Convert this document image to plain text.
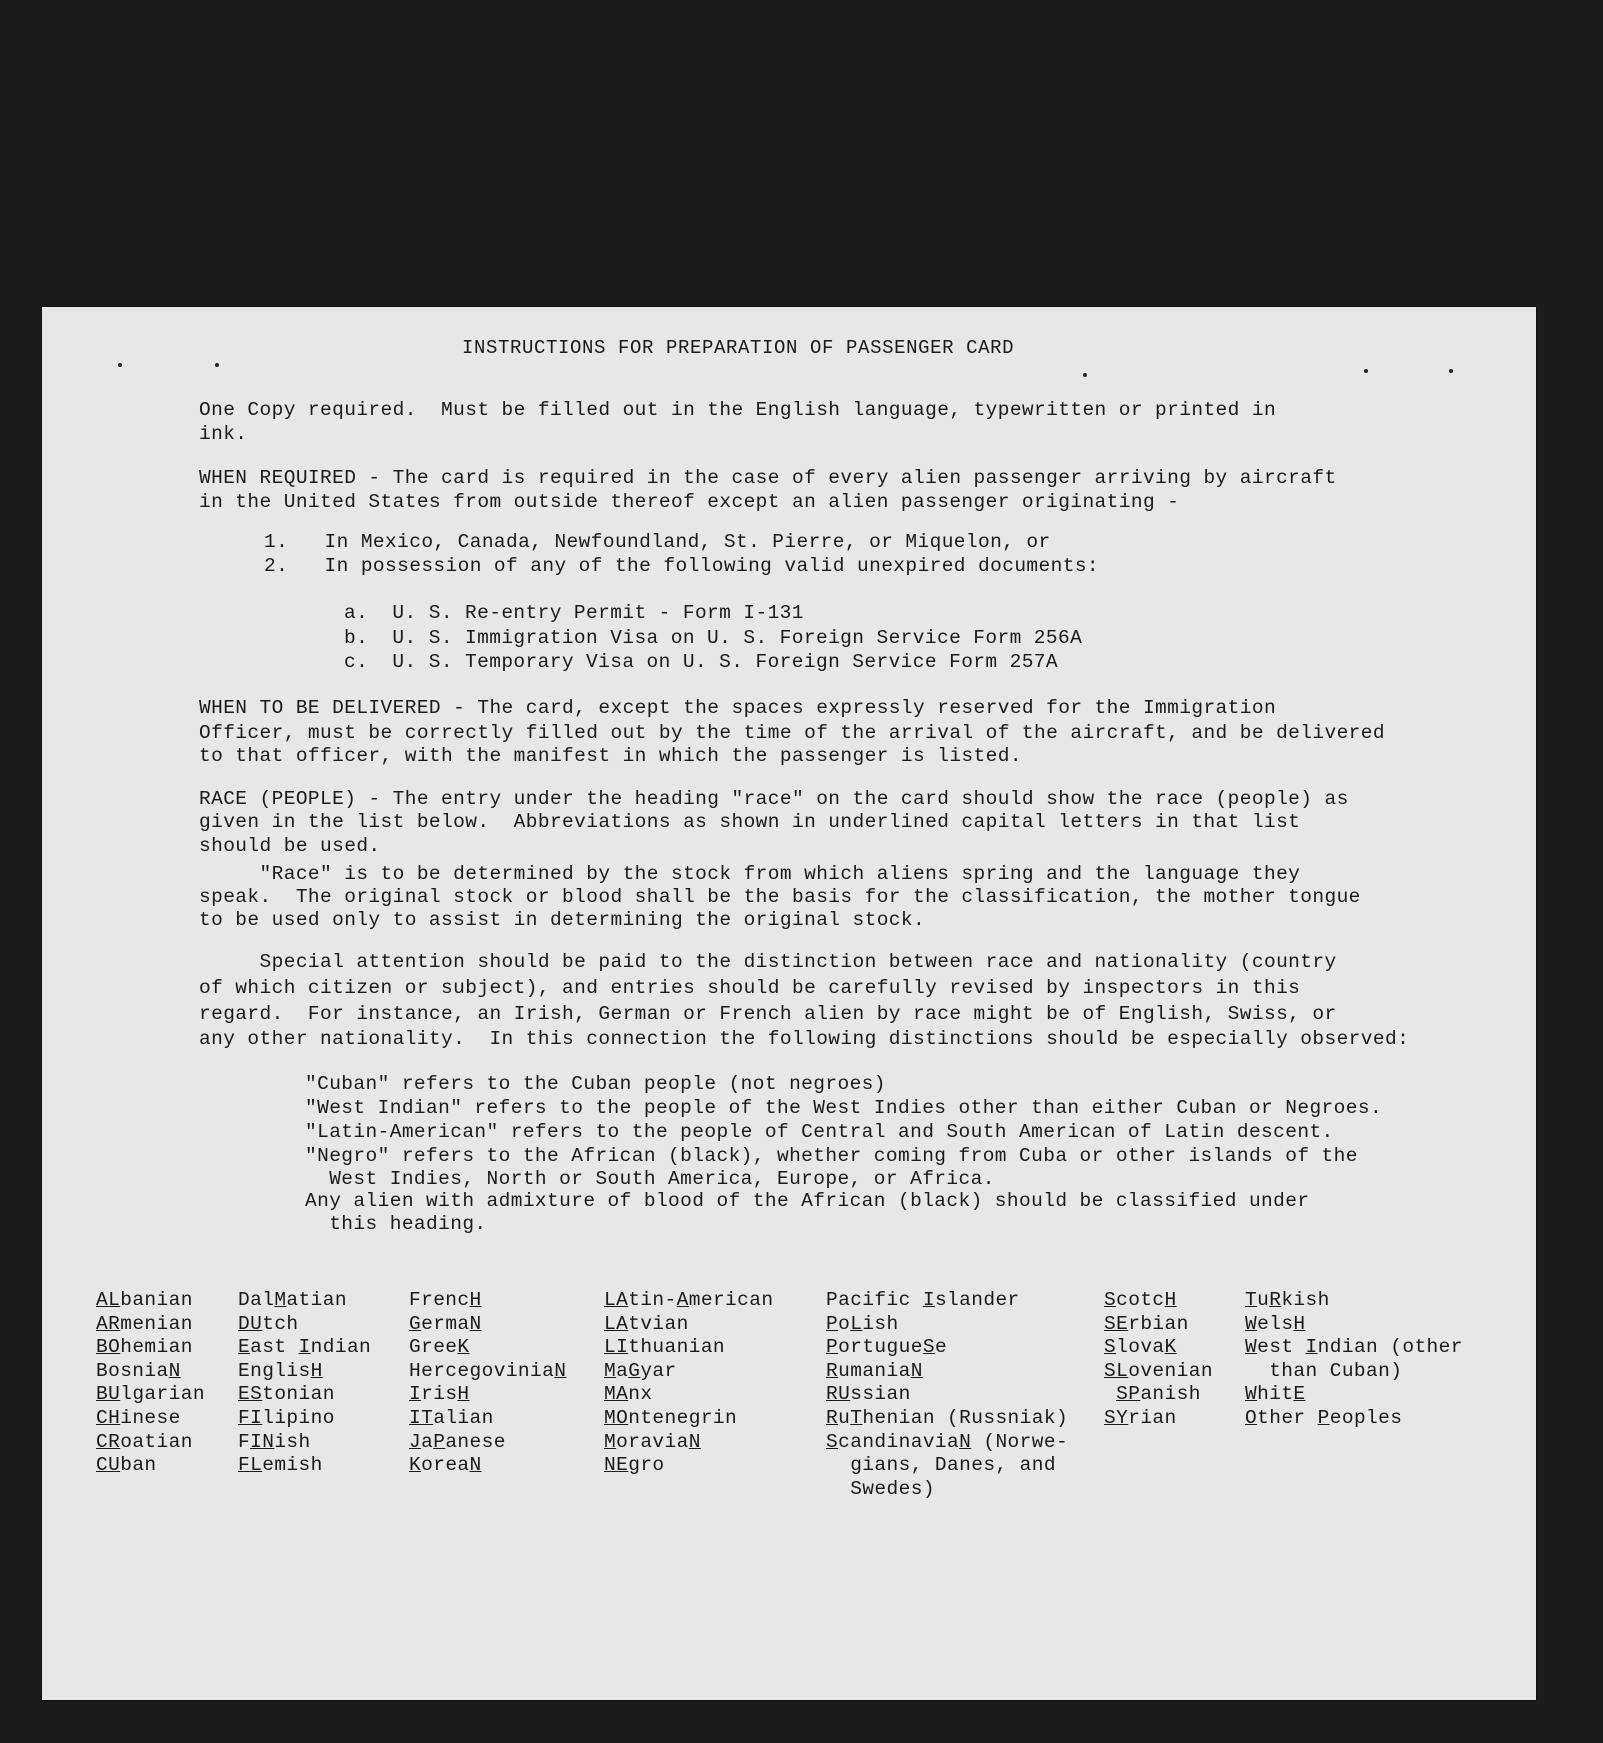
INSTRUCTIONS FOR PREPARATION OF PASSENGER CARD
One Copy required.  Must be filled out in the English language, typewritten or printed in
ink.
WHEN REQUIRED - The card is required in the case of every alien passenger arriving by aircraft
in the United States from outside thereof except an alien passenger originating -
1.   In Mexico, Canada, Newfoundland, St. Pierre, or Miquelon, or
2.   In possession of any of the following valid unexpired documents:
a.  U. S. Re-entry Permit - Form I-131
b.  U. S. Immigration Visa on U. S. Foreign Service Form 256A
c.  U. S. Temporary Visa on U. S. Foreign Service Form 257A
WHEN TO BE DELIVERED - The card, except the spaces expressly reserved for the Immigration
Officer, must be correctly filled out by the time of the arrival of the aircraft, and be delivered
to that officer, with the manifest in which the passenger is listed.
RACE (PEOPLE) - The entry under the heading "race" on the card should show the race (people) as
given in the list below.  Abbreviations as shown in underlined capital letters in that list
should be used.
"Race" is to be determined by the stock from which aliens spring and the language they
speak.  The original stock or blood shall be the basis for the classification, the mother tongue
to be used only to assist in determining the original stock.
Special attention should be paid to the distinction between race and nationality (country
of which citizen or subject), and entries should be carefully revised by inspectors in this
regard.  For instance, an Irish, German or French alien by race might be of English, Swiss, or
any other nationality.  In this connection the following distinctions should be especially observed:
"Cuban" refers to the Cuban people (not negroes)
"West Indian" refers to the people of the West Indies other than either Cuban or Negroes.
"Latin-American" refers to the people of Central and South American of Latin descent.
"Negro" refers to the African (black), whether coming from Cuba or other islands of the
West Indies, North or South America, Europe, or Africa.
Any alien with admixture of blood of the African (black) should be classified under
this heading.
ALbanian
ARmenian
BOhemian
BosniaN
BUlgarian
CHinese
CRoatian
CUban
DalMatian
DUtch
East Indian
EnglisH
EStonian
FIlipino
FINish
FLemish
FrencH
GermaN
GreeK
HercegoviniaN
IrisH
ITalian
JaPanese
KoreaN
LAtin-American
LAtvian
LIthuanian
MaGyar
MAnx
MOntenegrin
MoraviaN
NEgro
Pacific Islander
PoLish
PortugueSe
RumaniaN
RUssian
RuThenian (Russniak)
ScandinaviaN (Norwe-
gians, Danes, and
Swedes)
ScotcH
SErbian
SlovaK
SLovenian
SPanish
SYrian
TuRkish
WelsH
West Indian (other
than Cuban)
WhitE
Other Peoples
